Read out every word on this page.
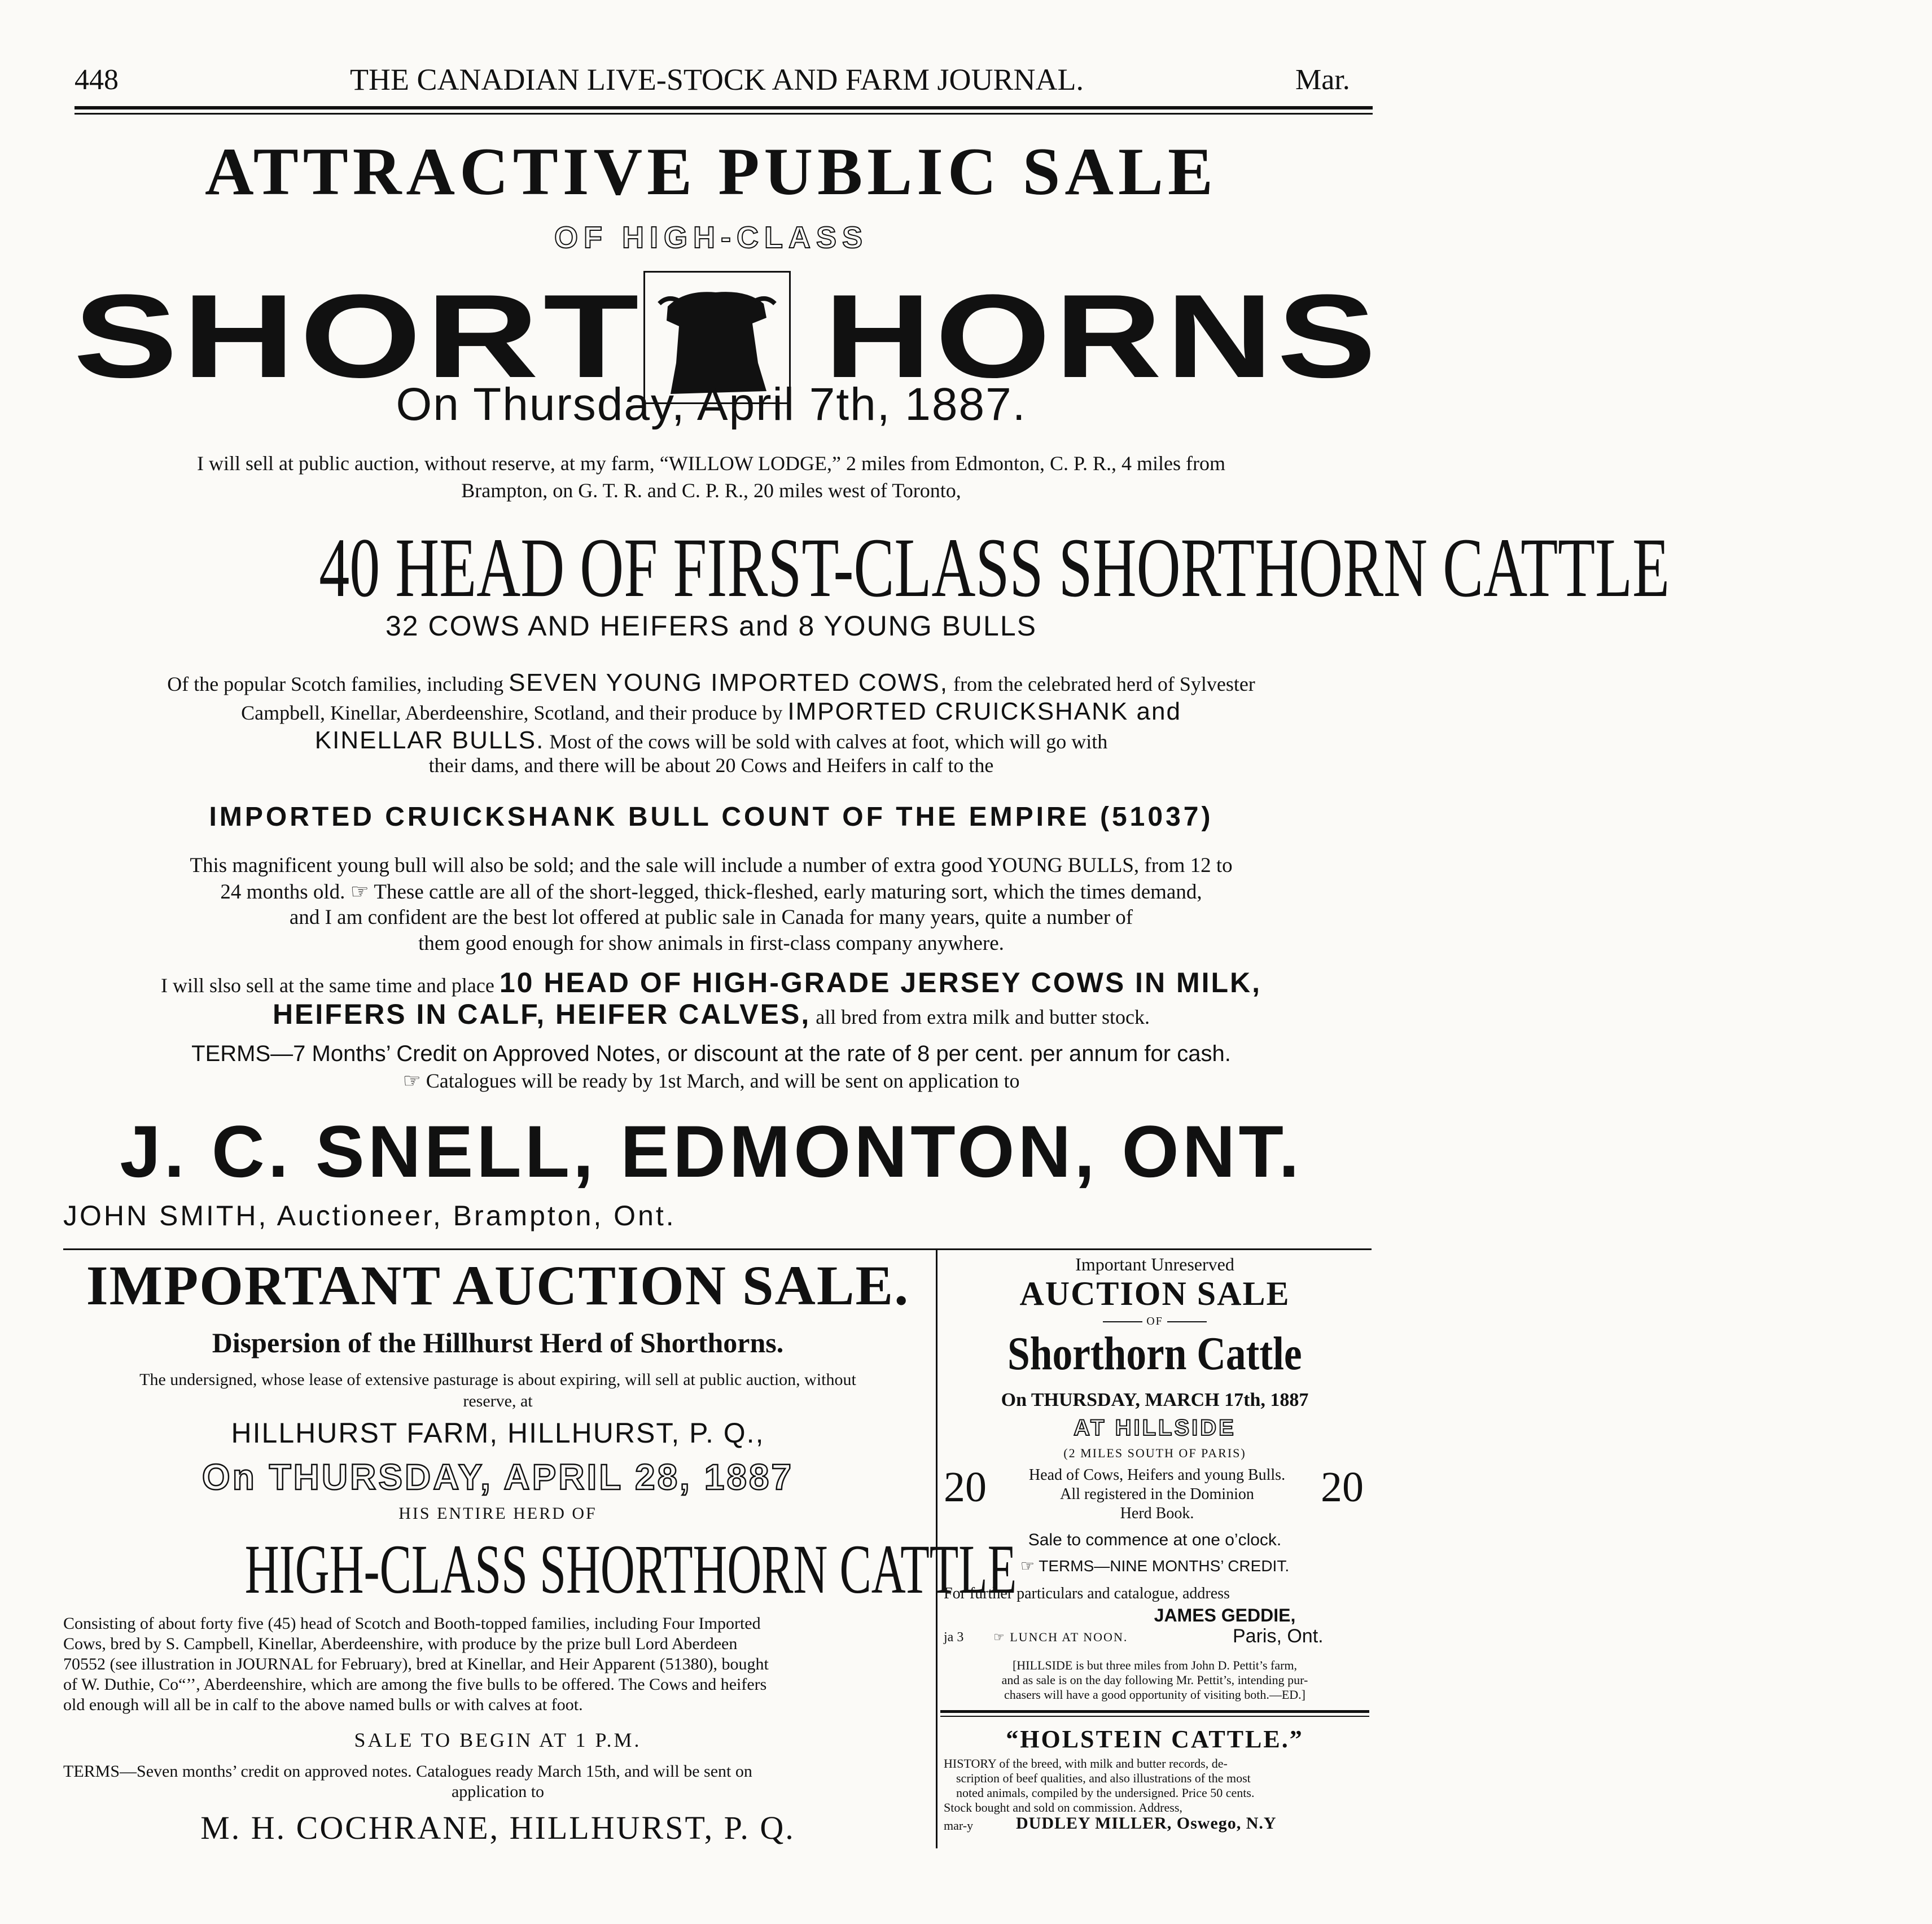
448	THE CANADIAN LIVE-STOCK AND FARM JOURNAL.	Mar.
ATTRACTIVE PUBLIC SALE
OF HIGH-CLASS
SHORT HORNS
On Thursday, April 7th, 1887.
I will sell at public auction, without reserve, at my farm, “WILLOW LODGE,” 2 miles from Edmonton, C. P. R., 4 miles from
Brampton, on G. T. R. and C. P. R., 20 miles west of Toronto,
40 HEAD OF FIRST-CLASS SHORTHORN CATTLE
32 COWS AND HEIFERS and 8 YOUNG BULLS
Of the popular Scotch families, including SEVEN YOUNG IMPORTED COWS, from the celebrated herd of Sylvester
Campbell, Kinellar, Aberdeenshire, Scotland, and their produce by IMPORTED CRUICKSHANK and
KINELLAR BULLS. Most of the cows will be sold with calves at foot, which will go with
their dams, and there will be about 20 Cows and Heifers in calf to the
IMPORTED CRUICKSHANK BULL COUNT OF THE EMPIRE (51037)
This magnificent young bull will also be sold; and the sale will include a number of extra good YOUNG BULLS, from 12 to
24 months old. ☞ These cattle are all of the short-legged, thick-fleshed, early maturing sort, which the times demand,
and I am confident are the best lot offered at public sale in Canada for many years, quite a number of
them good enough for show animals in first-class company anywhere.
I will slso sell at the same time and place 10 HEAD OF HIGH-GRADE JERSEY COWS IN MILK,
HEIFERS IN CALF, HEIFER CALVES, all bred from extra milk and butter stock.
TERMS—7 Months’ Credit on Approved Notes, or discount at the rate of 8 per cent. per annum for cash.
☞ Catalogues will be ready by 1st March, and will be sent on application to
J. C. SNELL, EDMONTON, ONT.
JOHN SMITH, Auctioneer, Brampton, Ont.
IMPORTANT AUCTION SALE.
Dispersion of the Hillhurst Herd of Shorthorns.
The undersigned, whose lease of extensive pasturage is about expiring, will sell at public auction, without
reserve, at
HILLHURST FARM, HILLHURST, P. Q.,
On THURSDAY, APRIL 28, 1887
HIS ENTIRE HERD OF
HIGH-CLASS SHORTHORN CATTLE
Consisting of about forty five (45) head of Scotch and Booth-topped families, including Four Imported
Cows, bred by S. Campbell, Kinellar, Aberdeenshire, with produce by the prize bull Lord Aberdeen
70552 (see illustration in JOURNAL for February), bred at Kinellar, and Heir Apparent (51380), bought
of W. Duthie, Co“’’, Aberdeenshire, which are among the five bulls to be offered. The Cows and heifers
old enough will all be in calf to the above named bulls or with calves at foot.
SALE TO BEGIN AT 1 P.M.
TERMS—Seven months’ credit on approved notes. Catalogues ready March 15th, and will be sent on
application to
M. H. COCHRANE, HILLHURST, P. Q.
Important Unreserved
AUCTION SALE
OF
Shorthorn Cattle
On THURSDAY, MARCH 17th, 1887
AT HILLSIDE
(2 MILES SOUTH OF PARIS)
20	20
Head of Cows, Heifers and young Bulls.
All registered in the Dominion
Herd Book.
Sale to commence at one o’clock.
☞ TERMS—NINE MONTHS’ CREDIT.
For further particulars and catalogue, address
JAMES GEDDIE,
ja 3 ☞ LUNCH AT NOON.	Paris, Ont.
[HILLSIDE is but three miles from John D. Pettit’s farm,
and as sale is on the day following Mr. Pettit’s, intending pur-
chasers will have a good opportunity of visiting both.—ED.]
“HOLSTEIN CATTLE.”
HISTORY of the breed, with milk and butter records, de-
scription of beef qualities, and also illustrations of the most
noted animals, compiled by the undersigned. Price 50 cents.
Stock bought and sold on commission. Address,
mar-y	DUDLEY MILLER, Oswego, N.Y
